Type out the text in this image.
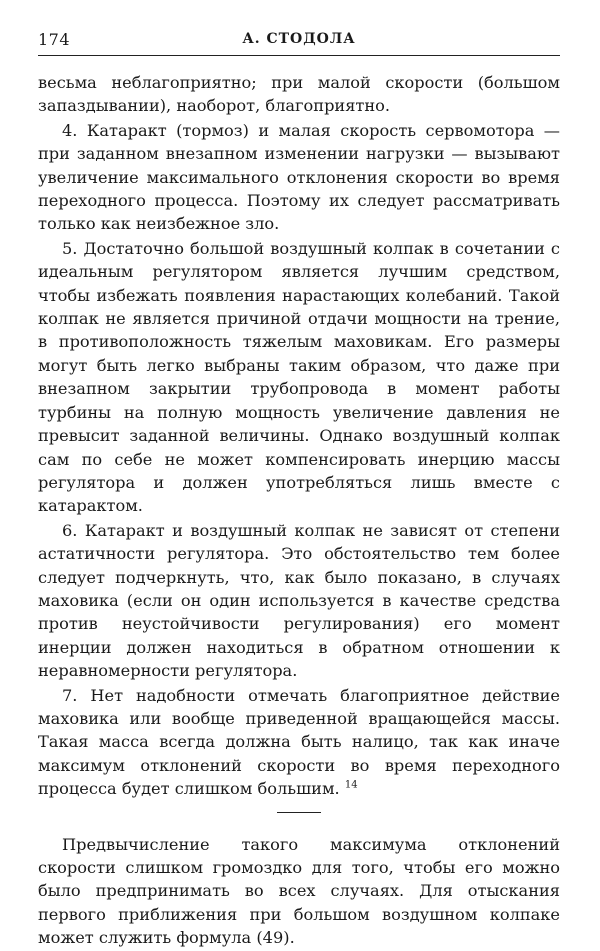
174	А. СТОДОЛА

весьма неблагоприятно; при малой скорости (большом запаздывании), наоборот, благоприятно.

4. Катаракт (тормоз) и малая скорость сервомотора — при заданном внезапном изменении нагрузки — вызывают увеличение максимального отклонения скорости во время переходного процесса. Поэтому их следует рассматривать только как неизбежное зло.

5. Достаточно большой воздушный колпак в сочетании с идеальным регулятором является лучшим средством, чтобы избежать появления нарастающих колебаний. Такой колпак не является причиной отдачи мощности на трение, в противоположность тяжелым маховикам. Его размеры могут быть легко выбраны таким образом, что даже при внезапном закрытии трубопровода в момент работы турбины на полную мощность увеличение давления не превысит заданной величины. Однако воздушный колпак сам по себе не может компенсировать инерцию массы регулятора и должен употребляться лишь вместе с катарактом.

6. Катаракт и воздушный колпак не зависят от степени астатичности регулятора. Это обстоятельство тем более следует подчеркнуть, что, как было показано, в случаях маховика (если он один используется в качестве средства против неустойчивости регулирования) его момент инерции должен находиться в обратном отношении к неравномерности регулятора.

7. Нет надобности отмечать благоприятное действие маховика или вообще приведенной вращающейся массы. Такая масса всегда должна быть налицо, так как иначе максимум отклонений скорости во время переходного процесса будет слишком большим. $^{14}$

Предвычисление такого максимума отклонений скорости слишком громоздко для того, чтобы его можно было предпринимать во всех случаях. Для отыскания первого приближения при большом воздушном колпаке может служить формула (49).
